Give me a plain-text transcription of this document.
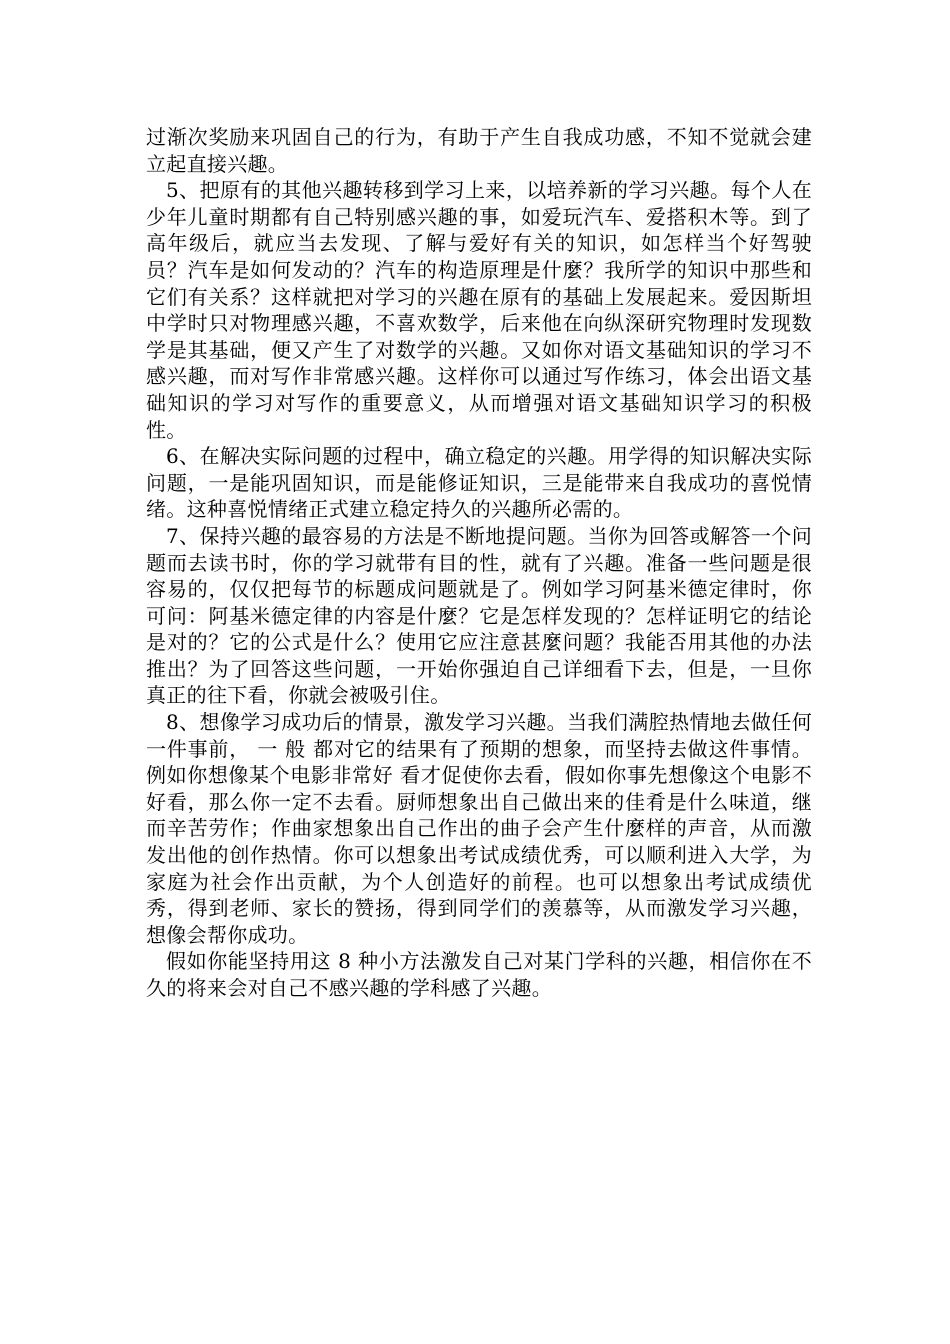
过渐次奖励来巩固自己的行为，有助于产生自我成功感，不知不觉就会建立起直接兴趣。

5、把原有的其他兴趣转移到学习上来，以培养新的学习兴趣。每个人在少年儿童时期都有自己特别感兴趣的事，如爱玩汽车、爱搭积木等。到了高年级后，就应当去发现、了解与爱好有关的知识，如怎样当个好驾驶员？汽车是如何发动的？汽车的构造原理是什麼？我所学的知识中那些和它们有关系？这样就把对学习的兴趣在原有的基础上发展起来。爱因斯坦中学时只对物理感兴趣，不喜欢数学，后来他在向纵深研究物理时发现数学是其基础，便又产生了对数学的兴趣。又如你对语文基础知识的学习不感兴趣，而对写作非常感兴趣。这样你可以通过写作练习，体会出语文基础知识的学习对写作的重要意义，从而增强对语文基础知识学习的积极性。

6、在解决实际问题的过程中，确立稳定的兴趣。用学得的知识解决实际问题，一是能巩固知识，而是能修证知识，三是能带来自我成功的喜悦情绪。这种喜悦情绪正式建立稳定持久的兴趣所必需的。

7、保持兴趣的最容易的方法是不断地提问题。当你为回答或解答一个问题而去读书时，你的学习就带有目的性，就有了兴趣。准备一些问题是很容易的，仅仅把每节的标题成问题就是了。例如学习阿基米德定律时，你可问：阿基米德定律的内容是什麼？它是怎样发现的？怎样证明它的结论是对的？它的公式是什么？使用它应注意甚麼问题？我能否用其他的办法推出？为了回答这些问题，一开始你强迫自己详细看下去，但是，一旦你真正的往下看，你就会被吸引住。

8、想像学习成功后的情景，激发学习兴趣。当我们满腔热情地去做任何一件事前， 一 般 都对它的结果有了预期的想象，而坚持去做这件事情。例如你想像某个电影非常好 看才促使你去看，假如你事先想像这个电影不好看，那么你一定不去看。厨师想象出自己做出来的佳肴是什么味道，继而辛苦劳作；作曲家想象出自己作出的曲子会产生什麼样的声音，从而激发出他的创作热情。你可以想象出考试成绩优秀，可以顺利进入大学，为家庭为社会作出贡献，为个人创造好的前程。也可以想象出考试成绩优秀，得到老师、家长的赞扬，得到同学们的羡慕等，从而激发学习兴趣，想像会帮你成功。

假如你能坚持用这 8 种小方法激发自己对某门学科的兴趣，相信你在不久的将来会对自己不感兴趣的学科感了兴趣。
